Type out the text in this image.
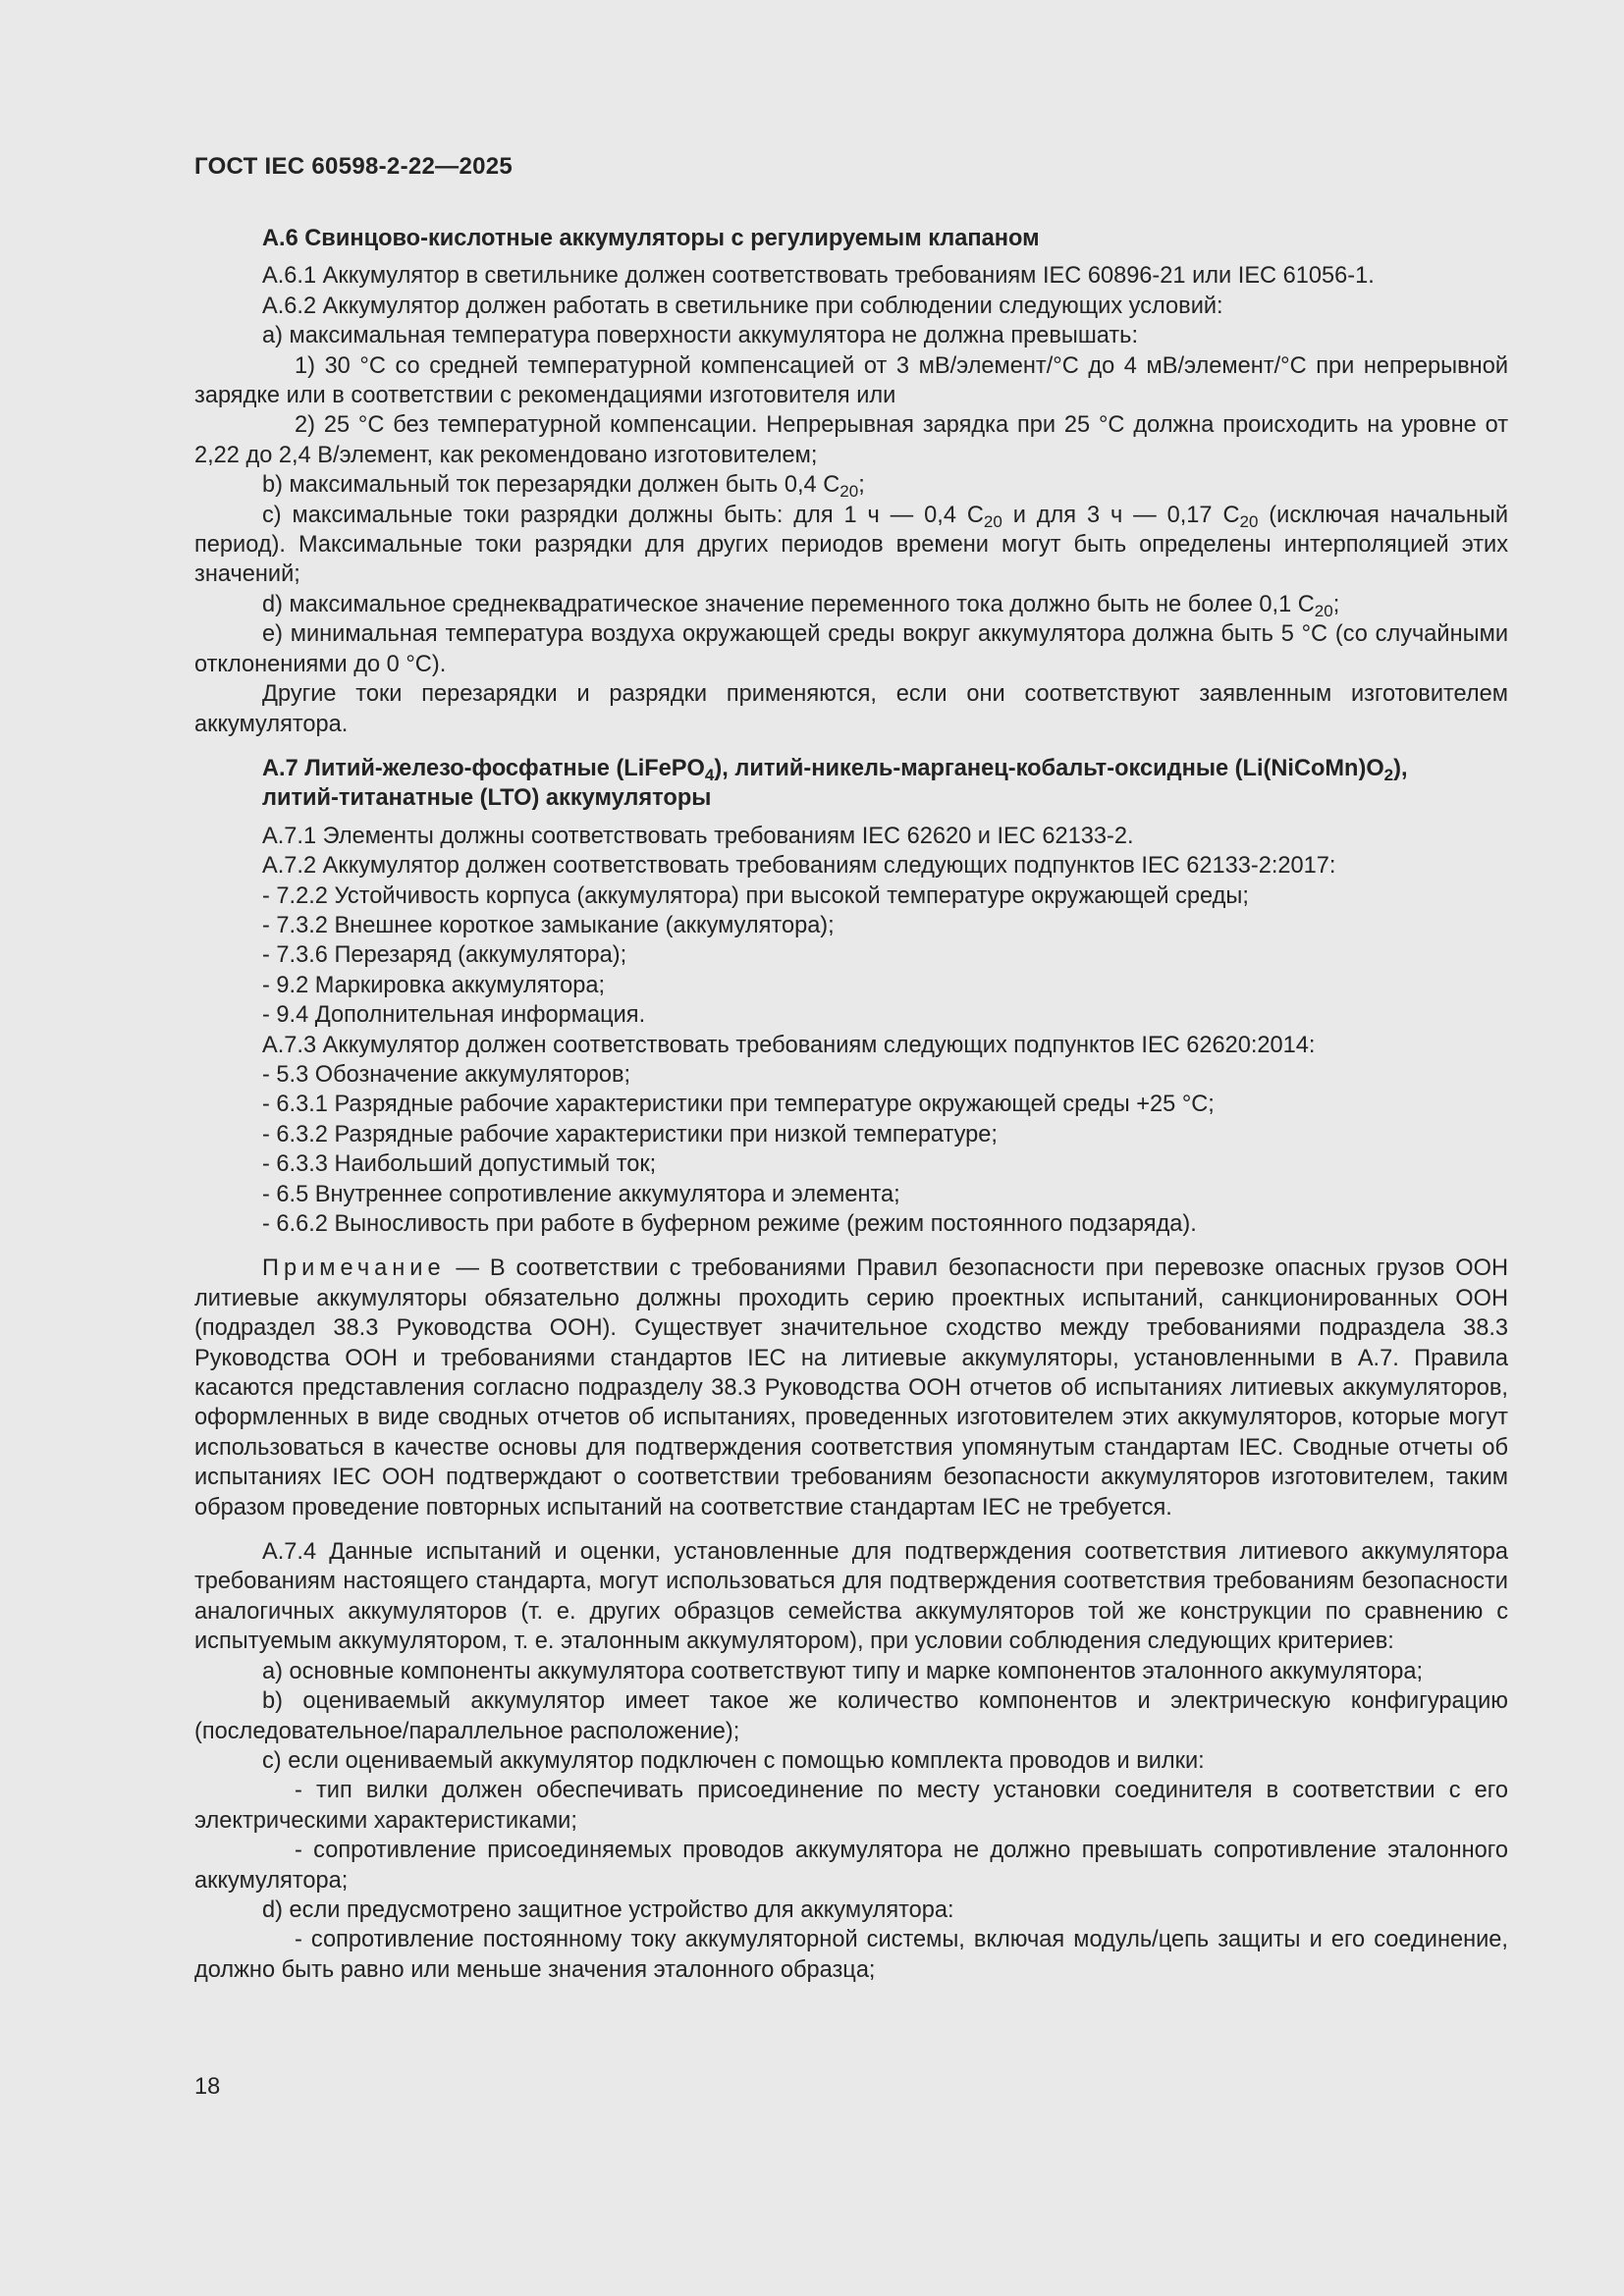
ГОСТ IEC 60598-2-22—2025

А.6 Свинцово-кислотные аккумуляторы с регулируемым клапаном

А.6.1 Аккумулятор в светильнике должен соответствовать требованиям IEC 60896-21 или IEC 61056-1.

А.6.2 Аккумулятор должен работать в светильнике при соблюдении следующих условий:

a) максимальная температура поверхности аккумулятора не должна превышать:

1) 30 °C со средней температурной компенсацией от 3 мВ/элемент/°C до 4 мВ/элемент/°C при непрерывной зарядке или в соответствии с рекомендациями изготовителя или

2) 25 °C без температурной компенсации. Непрерывная зарядка при 25 °C должна происходить на уровне от 2,22 до 2,4 В/элемент, как рекомендовано изготовителем;

b) максимальный ток перезарядки должен быть 0,4 $C_{20}$;

c) максимальные токи разрядки должны быть: для 1 ч — 0,4 $C_{20}$ и для 3 ч — 0,17 $C_{20}$ (исключая начальный период). Максимальные токи разрядки для других периодов времени могут быть определены интерполяцией этих значений;

d) максимальное среднеквадратическое значение переменного тока должно быть не более 0,1 $C_{20}$;

e) минимальная температура воздуха окружающей среды вокруг аккумулятора должна быть 5 °C (со случайными отклонениями до 0 °C).

Другие токи перезарядки и разрядки применяются, если они соответствуют заявленным изготовителем аккумулятора.

А.7 Литий-железо-фосфатные (LiFePO$_4$), литий-никель-марганец-кобальт-оксидные $(Li(NiCoMn)O_2)$,
литий-титанатные (LTO) аккумуляторы

А.7.1 Элементы должны соответствовать требованиям IEC 62620 и IEC 62133-2.

А.7.2 Аккумулятор должен соответствовать требованиям следующих подпунктов IEC 62133-2:2017:

- 7.2.2 Устойчивость корпуса (аккумулятора) при высокой температуре окружающей среды;

- 7.3.2 Внешнее короткое замыкание (аккумулятора);

- 7.3.6 Перезаряд (аккумулятора);

- 9.2 Маркировка аккумулятора;

- 9.4 Дополнительная информация.

А.7.3 Аккумулятор должен соответствовать требованиям следующих подпунктов IEC 62620:2014:

- 5.3 Обозначение аккумуляторов;

- 6.3.1 Разрядные рабочие характеристики при температуре окружающей среды +25 °C;

- 6.3.2 Разрядные рабочие характеристики при низкой температуре;

- 6.3.3 Наибольший допустимый ток;

- 6.5 Внутреннее сопротивление аккумулятора и элемента;

- 6.6.2 Выносливость при работе в буферном режиме (режим постоянного подзаряда).

Примечание — В соответствии с требованиями Правил безопасности при перевозке опасных грузов ООН литиевые аккумуляторы обязательно должны проходить серию проектных испытаний, санкционированных ООН (подраздел 38.3 Руководства ООН). Существует значительное сходство между требованиями подраздела 38.3 Руководства ООН и требованиями стандартов IEC на литиевые аккумуляторы, установленными в А.7. Правила касаются представления согласно подразделу 38.3 Руководства ООН отчетов об испытаниях литиевых аккумуляторов, оформленных в виде сводных отчетов об испытаниях, проведенных изготовителем этих аккумуляторов, которые могут использоваться в качестве основы для подтверждения соответствия упомянутым стандартам IEC. Сводные отчеты об испытаниях IEC ООН подтверждают о соответствии требованиям безопасности аккумуляторов изготовителем, таким образом проведение повторных испытаний на соответствие стандартам IEC не требуется.

А.7.4 Данные испытаний и оценки, установленные для подтверждения соответствия литиевого аккумулятора требованиям настоящего стандарта, могут использоваться для подтверждения соответствия требованиям безопасности аналогичных аккумуляторов (т. е. других образцов семейства аккумуляторов той же конструкции по сравнению с испытуемым аккумулятором, т. е. эталонным аккумулятором), при условии соблюдения следующих критериев:

a) основные компоненты аккумулятора соответствуют типу и марке компонентов эталонного аккумулятора;

b) оцениваемый аккумулятор имеет такое же количество компонентов и электрическую конфигурацию (последовательное/параллельное расположение);

c) если оцениваемый аккумулятор подключен с помощью комплекта проводов и вилки:

- тип вилки должен обеспечивать присоединение по месту установки соединителя в соответствии с его электрическими характеристиками;

- сопротивление присоединяемых проводов аккумулятора не должно превышать сопротивление эталонного аккумулятора;

d) если предусмотрено защитное устройство для аккумулятора:

- сопротивление постоянному току аккумуляторной системы, включая модуль/цепь защиты и его соединение, должно быть равно или меньше значения эталонного образца;

18
